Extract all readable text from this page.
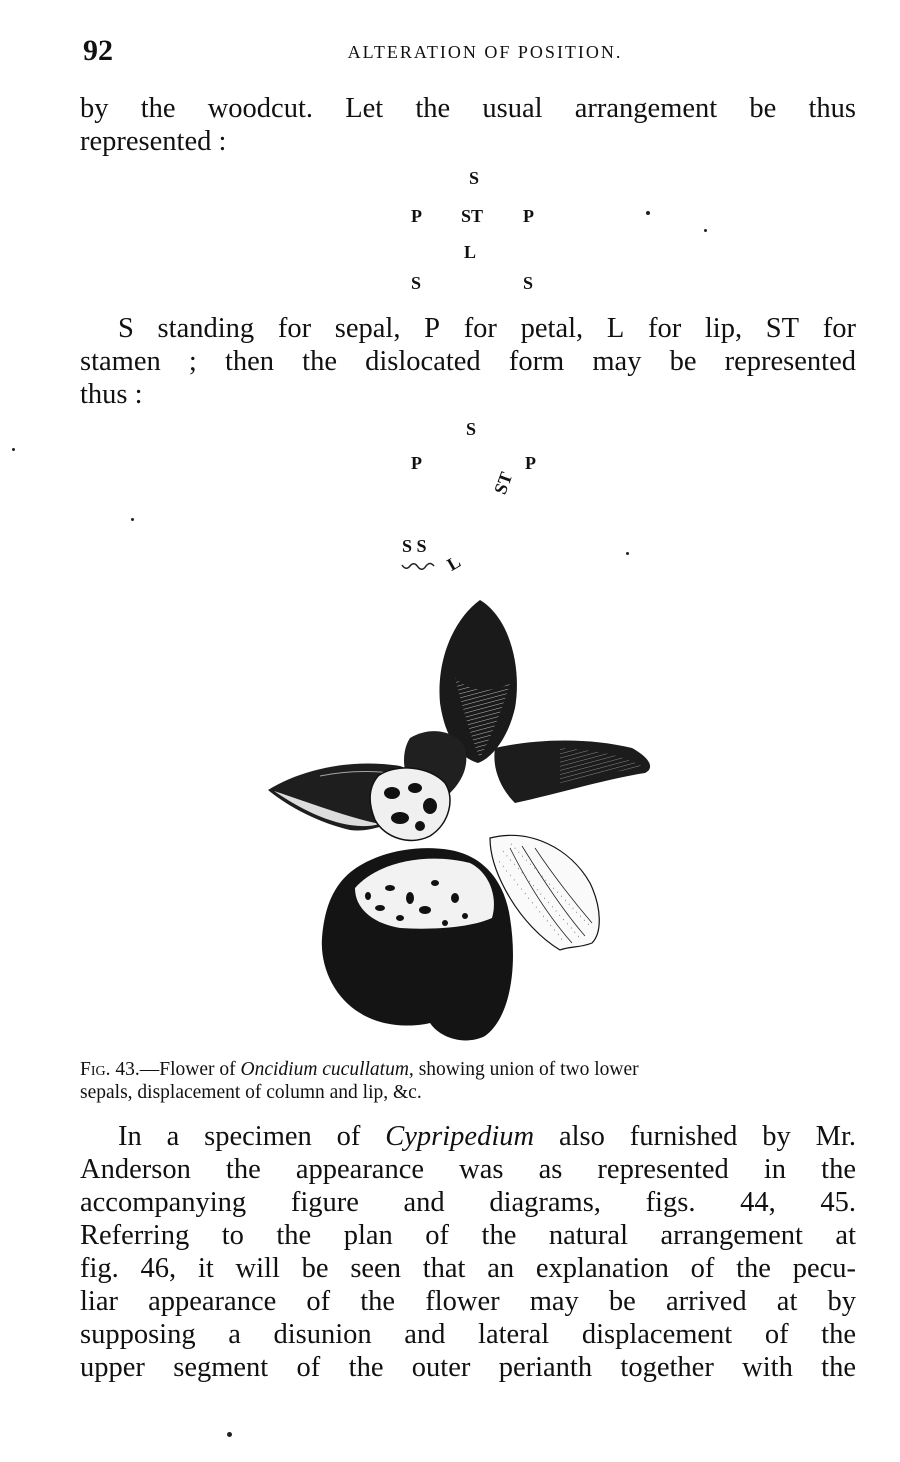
92	ALTERATION OF POSITION.
by the woodcut. Let the usual arrangement be thus
represented :
S
P ST P
L
S	S
S standing for sepal, P for petal, L for lip, ST for
stamen ; then the dislocated form may be represented
thus :
S
P	P
ST
S S
L
Fig. 43.—Flower of Oncidium cucullatum, showing union of two lower
sepals, displacement of column and lip, &c.
In a specimen of Cypripedium also furnished by Mr.
Anderson the appearance was as represented in the
accompanying figure and diagrams, figs. 44, 45.
Referring to the plan of the natural arrangement at
fig. 46, it will be seen that an explanation of the pecu-
liar appearance of the flower may be arrived at by
supposing a disunion and lateral displacement of the
upper segment of the outer perianth together with the
